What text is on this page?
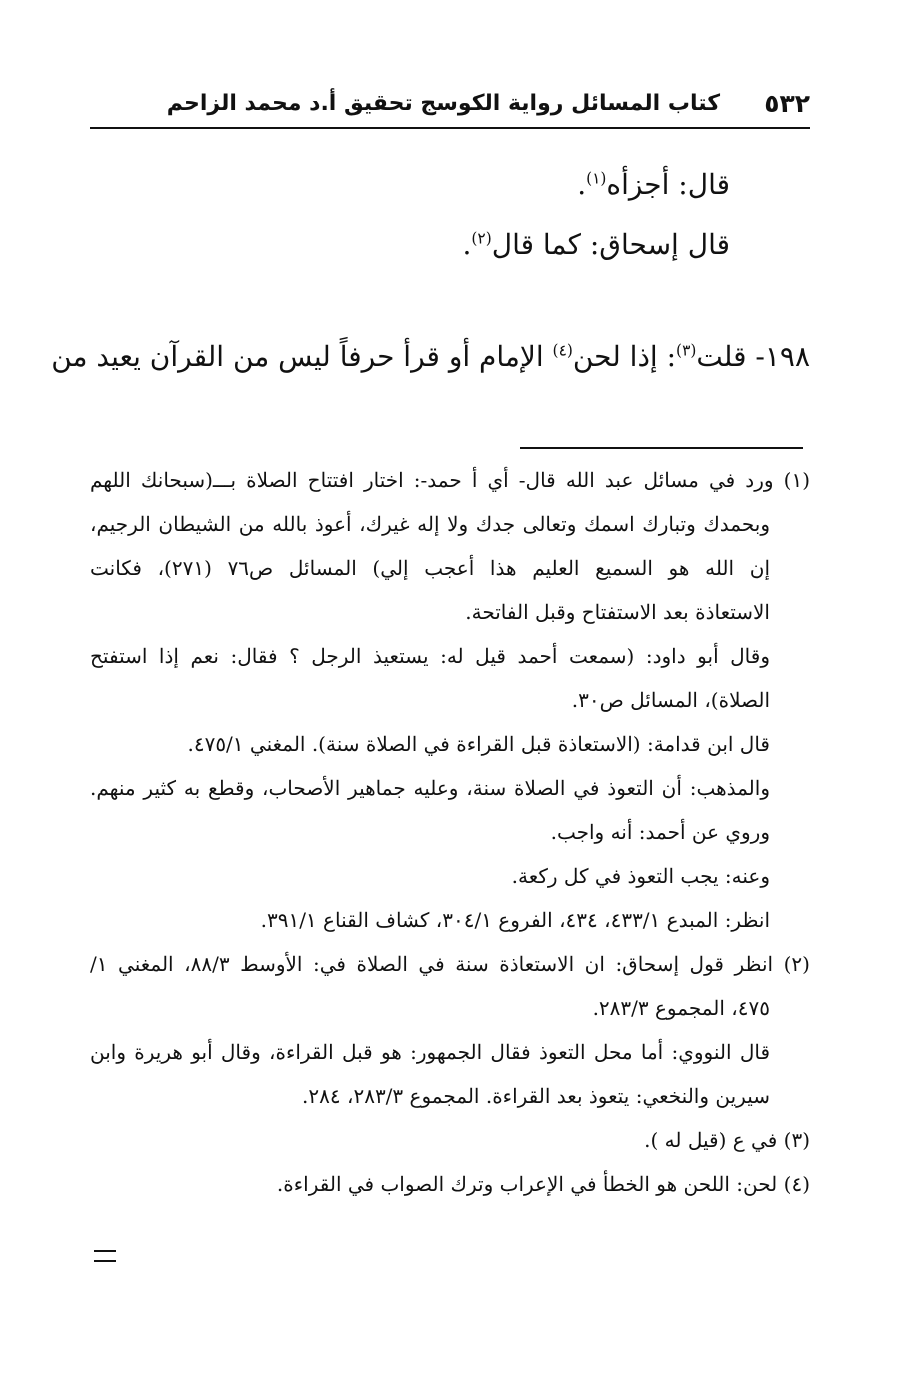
٥٣٢
كتاب المسائل رواية الكوسج تحقيق أ.د محمد الزاحم
قال: أجزأه$^{(١)}$.
قال إسحاق: كما قال$^{(٢)}$.
١٩٨- قلت$^{(٣)}$: إذا لحن$^{(٤)}$ الإمام أو قرأ حرفاً ليس من القرآن يعيد من
(١) ورد في مسائل عبد الله قال- أي أ حمد-: اختار افتتاح الصلاة بـــ(سبحانك اللهم
وبحمدك وتبارك اسمك وتعالى جدك ولا إله غيرك، أعوذ بالله من الشيطان الرجيم،
إن الله هو السميع العليم هذا أعجب إلي) المسائل ص٧٦ (٢٧١)، فكانت
الاستعاذة بعد الاستفتاح وقبل الفاتحة.
وقال أبو داود: (سمعت أحمد قيل له: يستعيذ الرجل ؟ فقال: نعم إذا استفتح
الصلاة)، المسائل ص٣٠.
قال ابن قدامة: (الاستعاذة قبل القراءة في الصلاة سنة). المغني ٤٧٥/١.
والمذهب: أن التعوذ في الصلاة سنة، وعليه جماهير الأصحاب، وقطع به كثير منهم.
وروي عن أحمد: أنه واجب.
وعنه: يجب التعوذ في كل ركعة.
انظر: المبدع ٤٣٣/١، ٤٣٤، الفروع ٣٠٤/١، كشاف القناع ٣٩١/١.
(٢) انظر قول إسحاق: ان الاستعاذة سنة في الصلاة في: الأوسط ٨٨/٣، المغني ١/
٤٧٥، المجموع ٢٨٣/٣.
قال النووي: أما محل التعوذ فقال الجمهور: هو قبل القراءة، وقال أبو هريرة وابن
سيرين والنخعي: يتعوذ بعد القراءة. المجموع ٢٨٣/٣، ٢٨٤.
(٣) في ع (قيل له ).
(٤) لحن: اللحن هو الخطأ في الإعراب وترك الصواب في القراءة.
